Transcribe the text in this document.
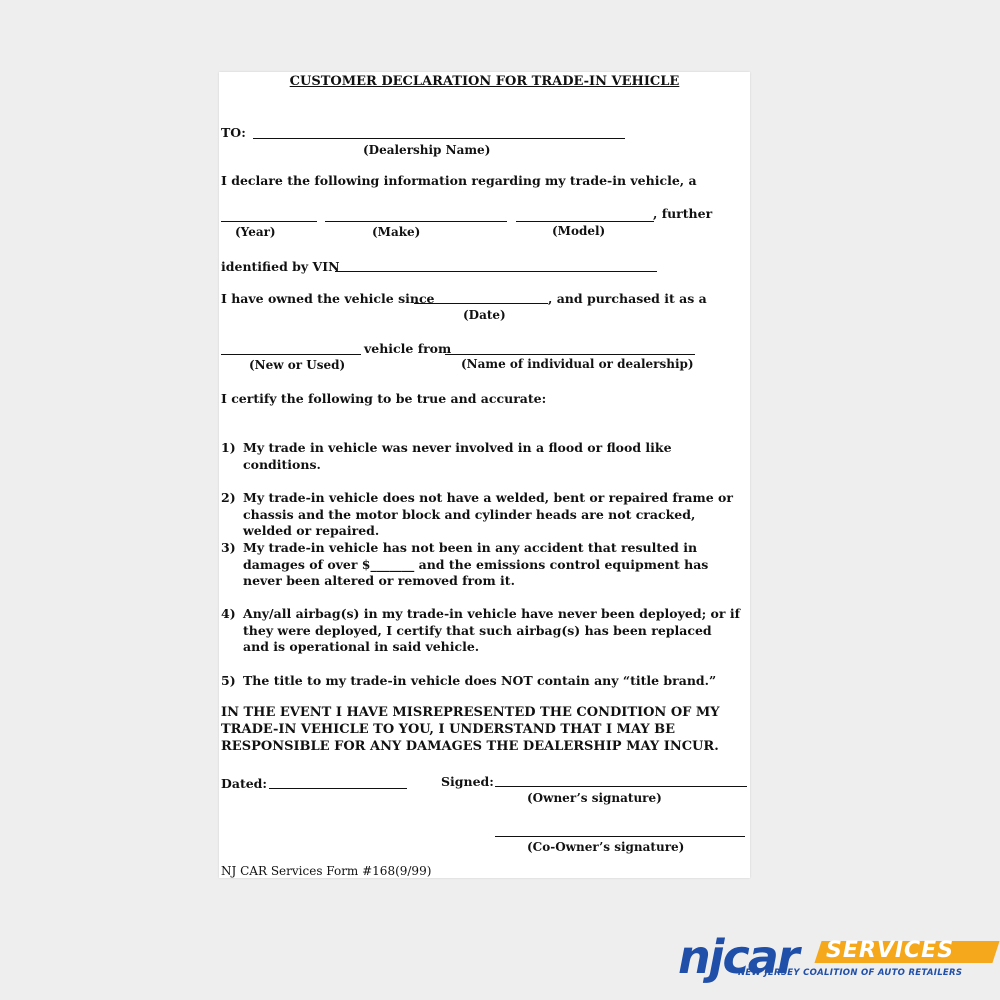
CUSTOMER DECLARATION FOR TRADE-IN VEHICLE
TO:
(Dealership Name)
I declare the following information regarding my trade-in vehicle, a
, further
(Year)	(Make)	(Model)
identified by VIN
I have owned the vehicle since	, and purchased it as a
(Date)
vehicle from
(New or Used)	(Name of individual or dealership)
I certify the following to be true and accurate:
1) My trade in vehicle was never involved in a flood or flood like conditions.
2) My trade-in vehicle does not have a welded, bent or repaired frame or chassis and the motor block and cylinder heads are not cracked, welded or repaired.
3) My trade-in vehicle has not been in any accident that resulted in damages of over $_______ and the emissions control equipment has never been altered or removed from it.
4) Any/all airbag(s) in my trade-in vehicle have never been deployed; or if they were deployed, I certify that such airbag(s) has been replaced and is operational in said vehicle.
5) The title to my trade-in vehicle does NOT contain any “title brand.”
IN THE EVENT I HAVE MISREPRESENTED THE CONDITION OF MY
TRADE-IN VEHICLE TO YOU, I UNDERSTAND THAT I MAY BE
RESPONSIBLE FOR ANY DAMAGES THE DEALERSHIP MAY INCUR.
Dated:	Signed:
(Owner’s signature)
(Co-Owner’s signature)
NJ CAR Services Form #168(9/99)
njcar SERVICES
NEW JERSEY COALITION OF AUTO RETAILERS
